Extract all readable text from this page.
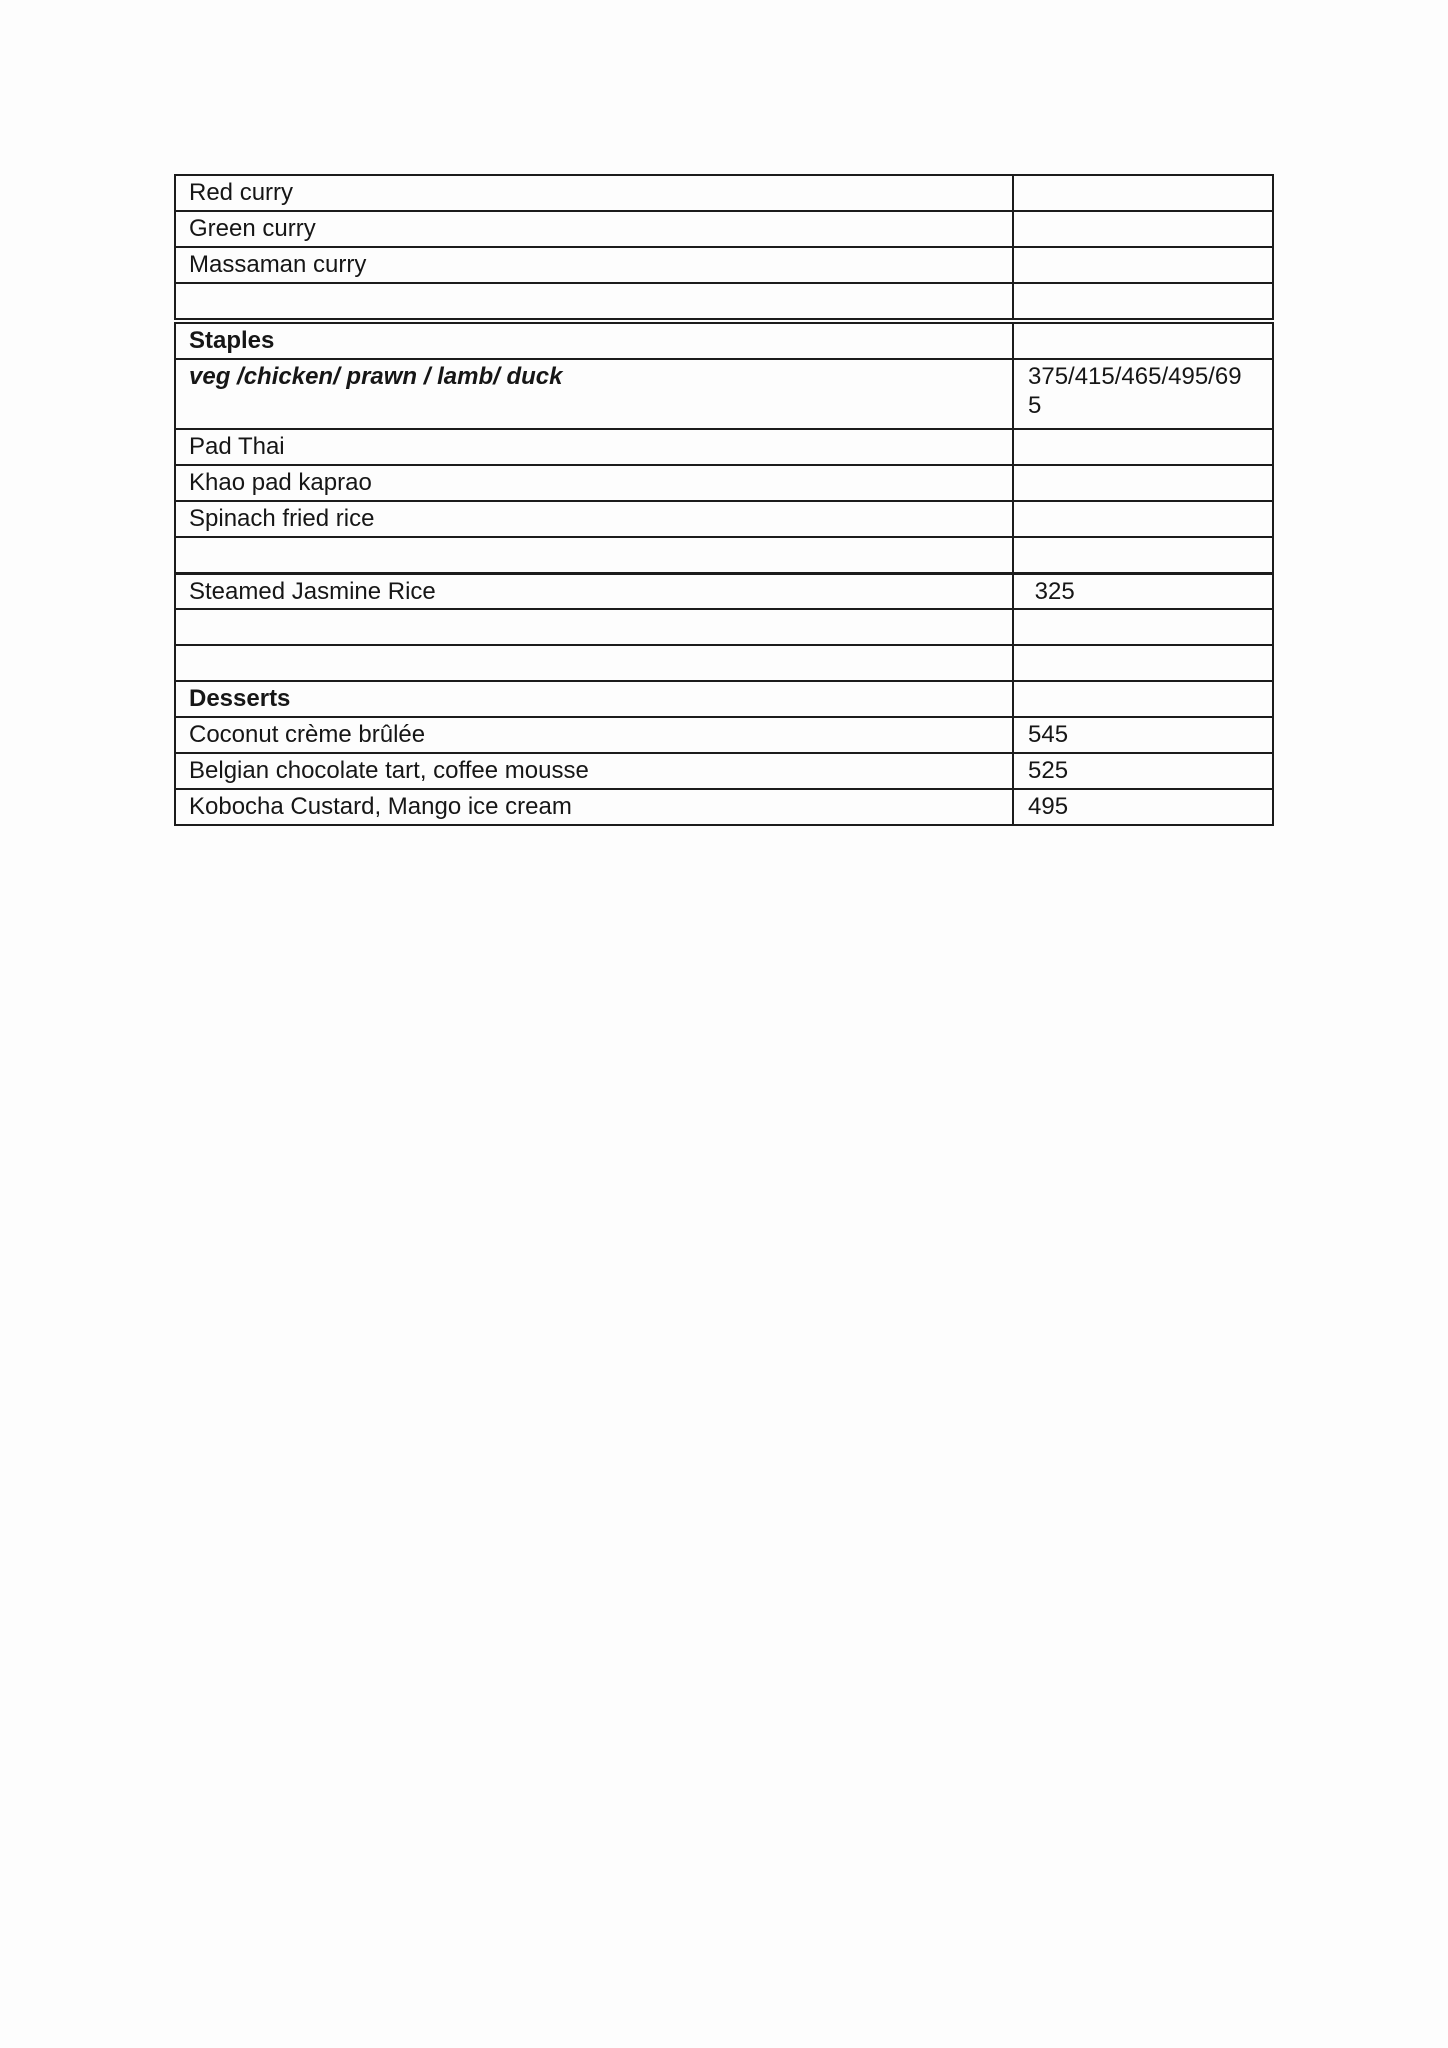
Red curry	
Green curry	
Massaman curry	

Staples	
veg /chicken/ prawn / lamb/ duck	375/415/465/495/695
Pad Thai	
Khao pad kaprao	
Spinach fried rice	

Steamed Jasmine Rice	325

Desserts	
Coconut crème brûlée	545
Belgian chocolate tart, coffee mousse	525
Kobocha Custard, Mango ice cream	495
